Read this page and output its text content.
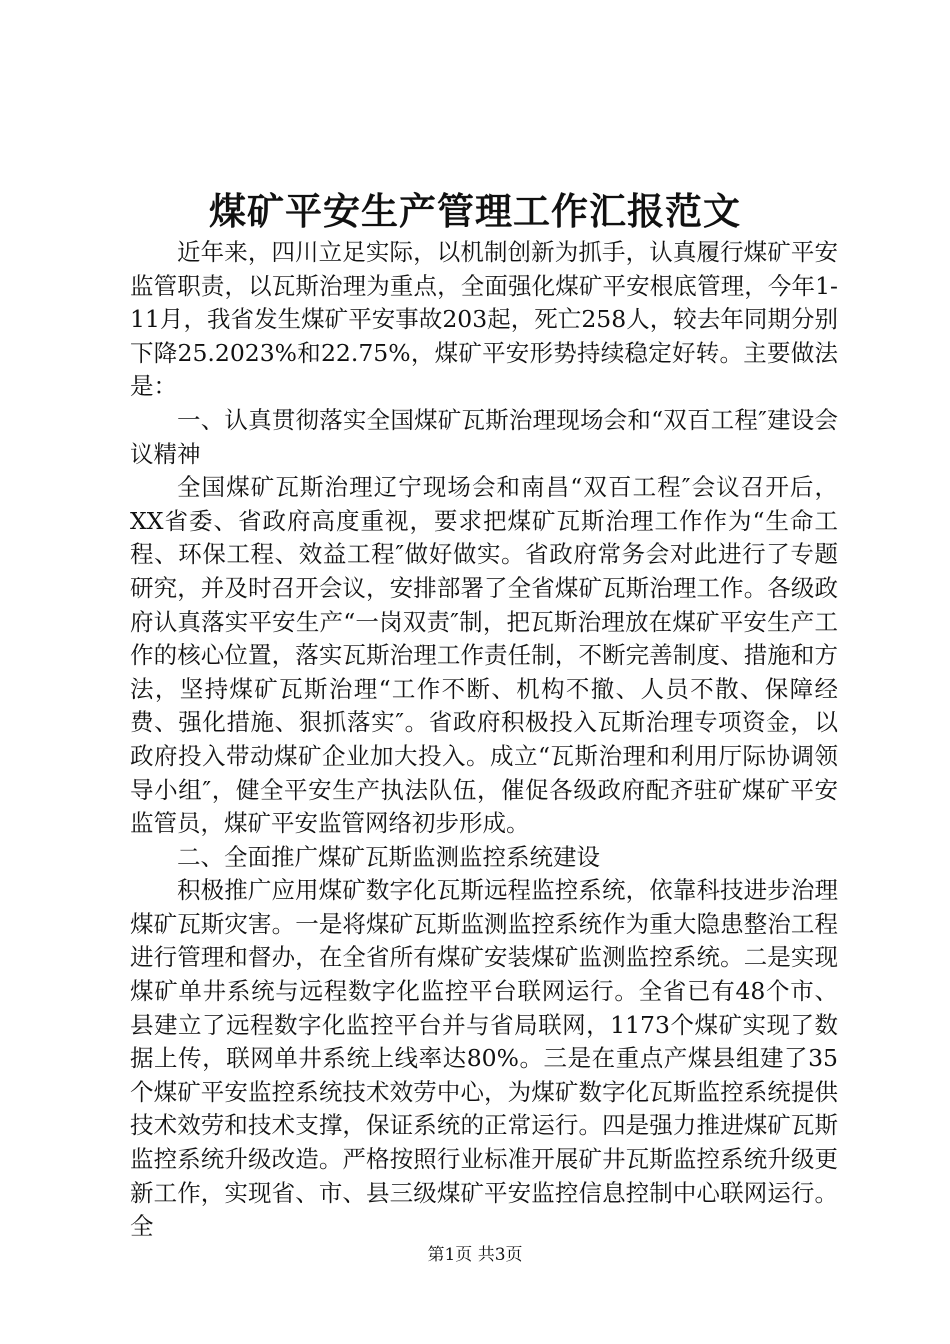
煤矿平安生产管理工作汇报范文

近年来，四川立足实际，以机制创新为抓手，认真履行煤矿平安监管职责，以瓦斯治理为重点，全面强化煤矿平安根底管理，今年1-11月，我省发生煤矿平安事故203起，死亡258人，较去年同期分别下降25.2023%和22.75%，煤矿平安形势持续稳定好转。主要做法是：

一、认真贯彻落实全国煤矿瓦斯治理现场会和“双百工程″建设会议精神

全国煤矿瓦斯治理辽宁现场会和南昌“双百工程″会议召开后，XX省委、省政府高度重视，要求把煤矿瓦斯治理工作作为“生命工程、环保工程、效益工程″做好做实。省政府常务会对此进行了专题研究，并及时召开会议，安排部署了全省煤矿瓦斯治理工作。各级政府认真落实平安生产“一岗双责″制，把瓦斯治理放在煤矿平安生产工作的核心位置，落实瓦斯治理工作责任制，不断完善制度、措施和方法，坚持煤矿瓦斯治理“工作不断、机构不撤、人员不散、保障经费、强化措施、狠抓落实″。省政府积极投入瓦斯治理专项资金，以政府投入带动煤矿企业加大投入。成立“瓦斯治理和利用厅际协调领导小组″，健全平安生产执法队伍，催促各级政府配齐驻矿煤矿平安监管员，煤矿平安监管网络初步形成。

二、全面推广煤矿瓦斯监测监控系统建设

积极推广应用煤矿数字化瓦斯远程监控系统，依靠科技进步治理煤矿瓦斯灾害。一是将煤矿瓦斯监测监控系统作为重大隐患整治工程进行管理和督办，在全省所有煤矿安装煤矿监测监控系统。二是实现煤矿单井系统与远程数字化监控平台联网运行。全省已有48个市、县建立了远程数字化监控平台并与省局联网，1173个煤矿实现了数据上传，联网单井系统上线率达80%。三是在重点产煤县组建了35个煤矿平安监控系统技术效劳中心，为煤矿数字化瓦斯监控系统提供技术效劳和技术支撑，保证系统的正常运行。四是强力推进煤矿瓦斯监控系统升级改造。严格按照行业标准开展矿井瓦斯监控系统升级更新工作，实现省、市、县三级煤矿平安监控信息控制中心联网运行。全

第1页 共3页
